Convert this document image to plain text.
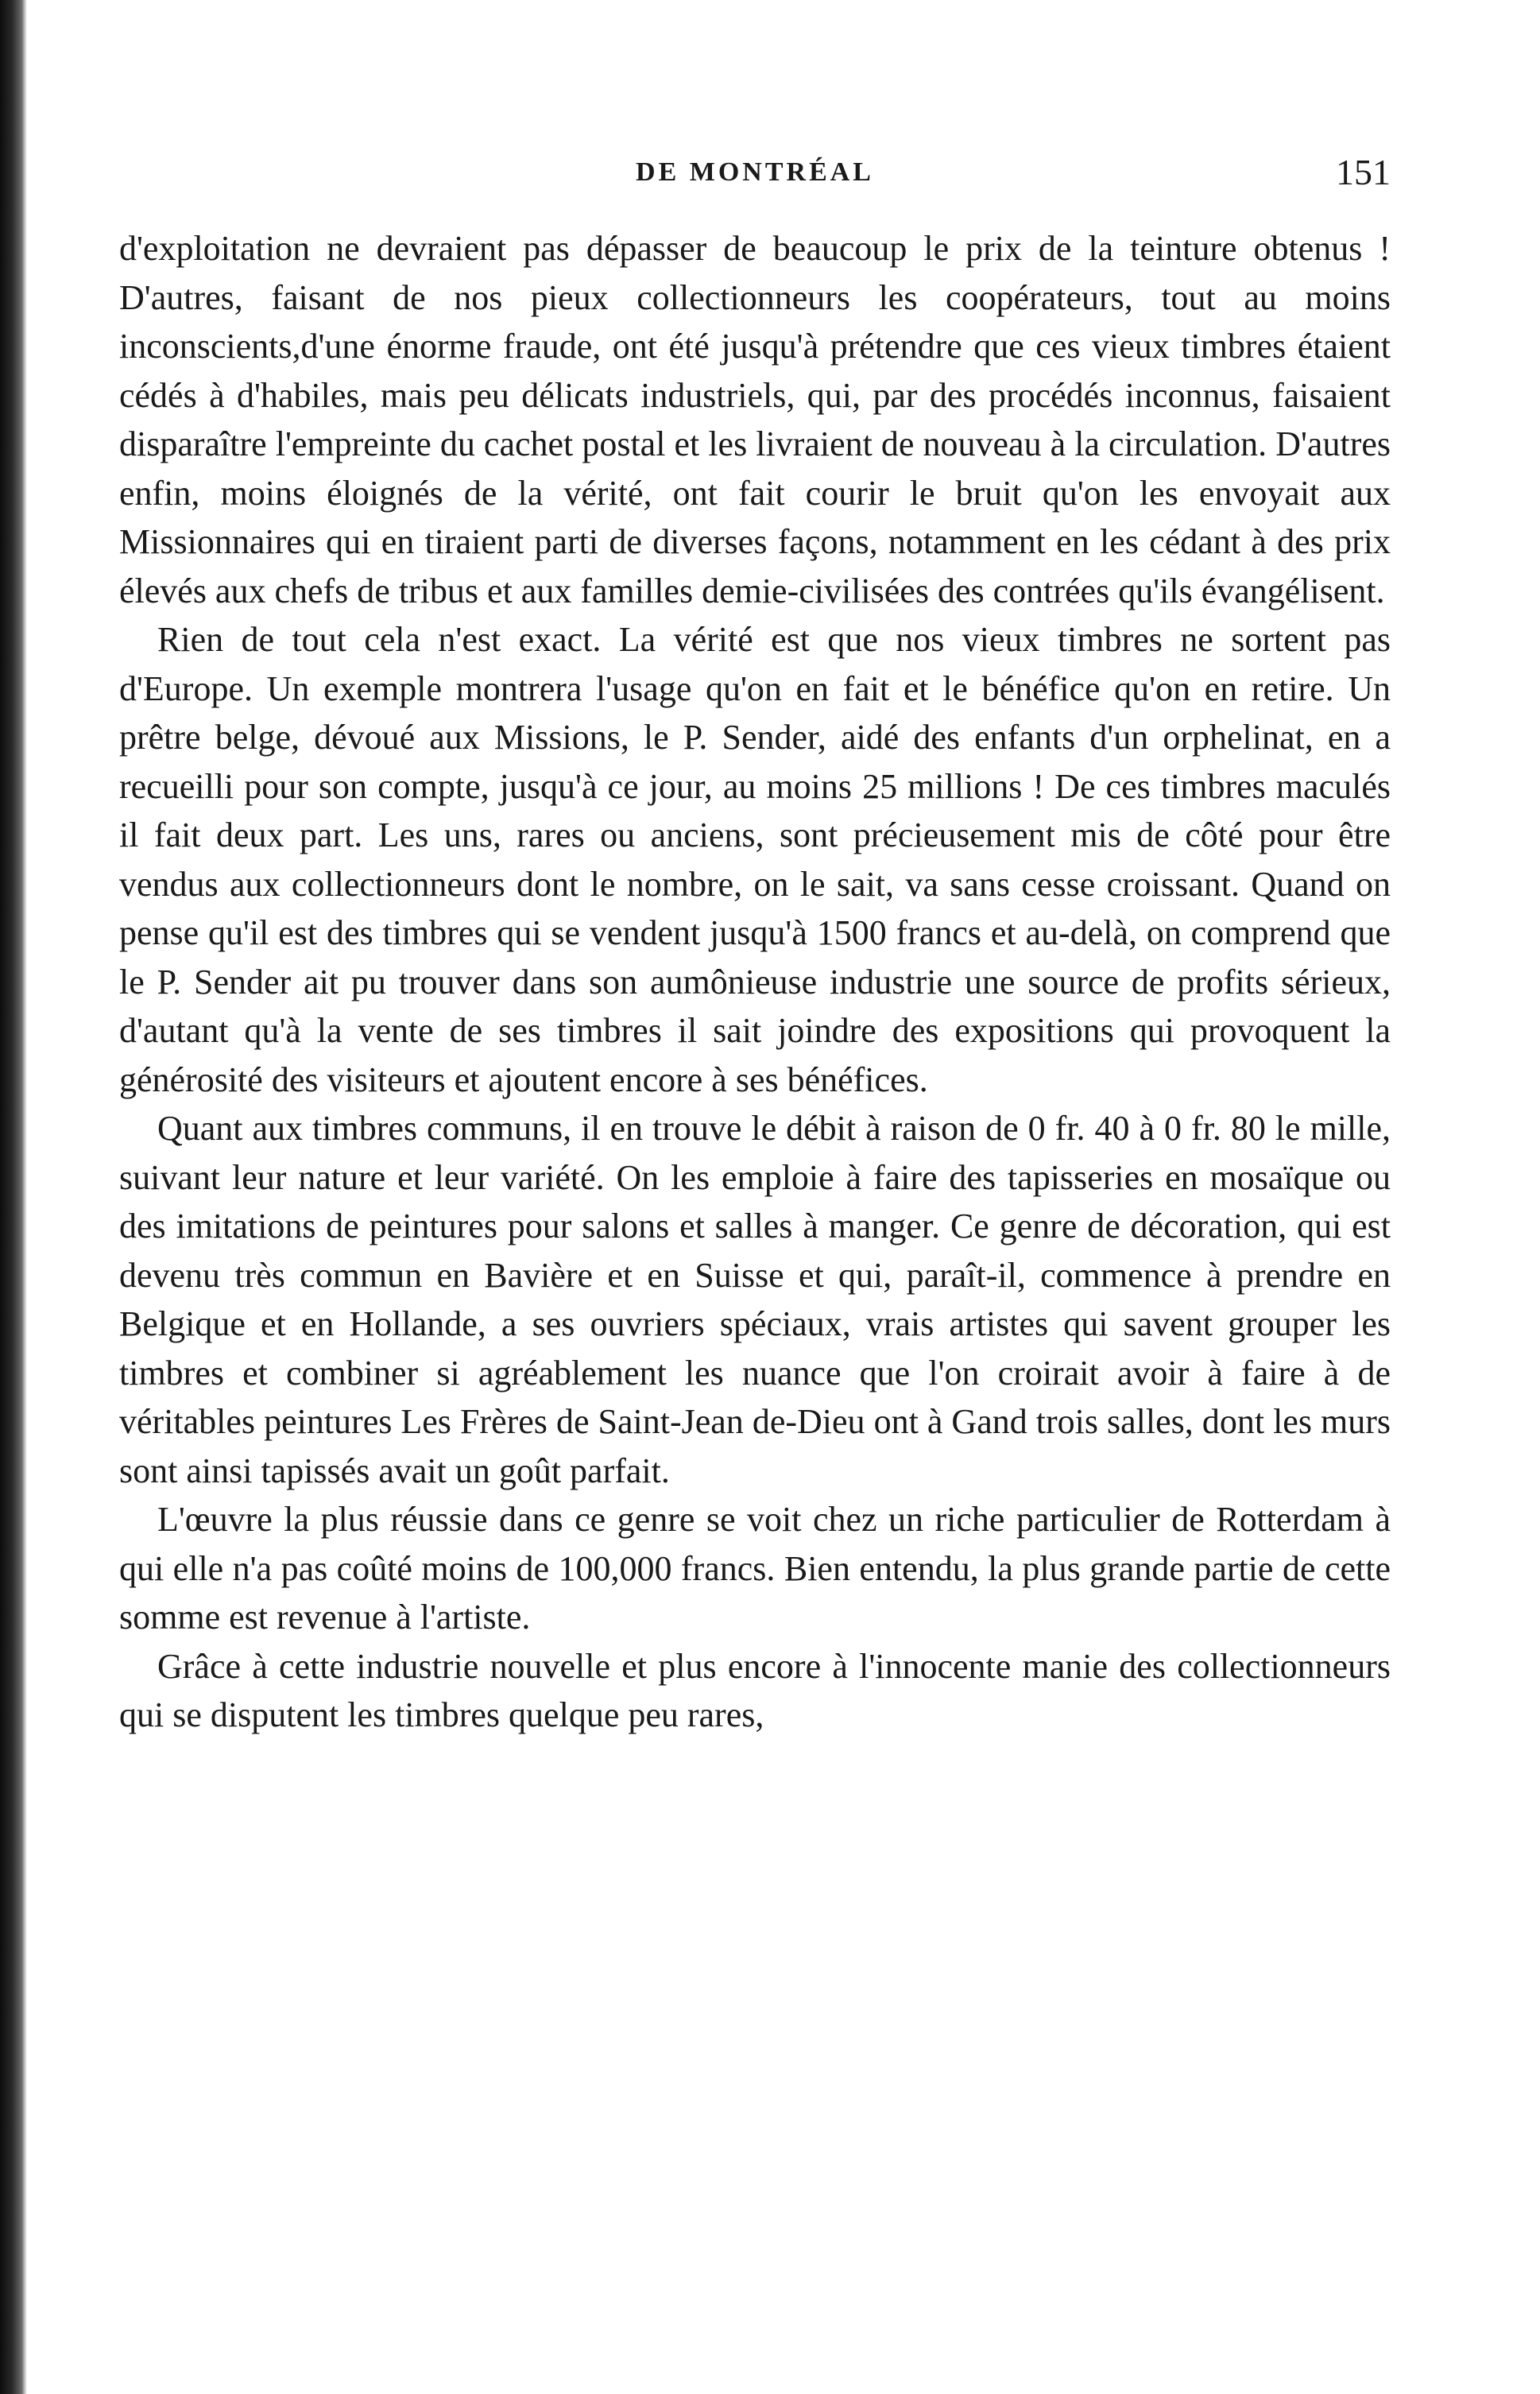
DE MONTRÉAL	151

d'exploitation ne devraient pas dépasser de beaucoup le prix de la teinture obtenus ! D'autres, faisant de nos pieux collectionneurs les coopérateurs, tout au moins inconscients,d'une énorme fraude, ont été jusqu'à prétendre que ces vieux timbres étaient cédés à d'habiles, mais peu délicats industriels, qui, par des procédés inconnus, faisaient disparaître l'empreinte du cachet postal et les livraient de nouveau à la circulation. D'autres enfin, moins éloignés de la vérité, ont fait courir le bruit qu'on les envoyait aux Missionnaires qui en tiraient parti de diverses façons, notamment en les cédant à des prix élevés aux chefs de tribus et aux familles demie-civilisées des contrées qu'ils évangélisent.

Rien de tout cela n'est exact. La vérité est que nos vieux timbres ne sortent pas d'Europe. Un exemple montrera l'usage qu'on en fait et le bénéfice qu'on en retire. Un prêtre belge, dévoué aux Missions, le P. Sender, aidé des enfants d'un orphelinat, en a recueilli pour son compte, jusqu'à ce jour, au moins 25 millions ! De ces timbres maculés il fait deux part. Les uns, rares ou anciens, sont précieusement mis de côté pour être vendus aux collectionneurs dont le nombre, on le sait, va sans cesse croissant. Quand on pense qu'il est des timbres qui se vendent jusqu'à 1500 francs et au-delà, on comprend que le P. Sender ait pu trouver dans son aumônieuse industrie une source de profits sérieux, d'autant qu'à la vente de ses timbres il sait joindre des expositions qui provoquent la générosité des visiteurs et ajoutent encore à ses bénéfices.

Quant aux timbres communs, il en trouve le débit à raison de 0 fr. 40 à 0 fr. 80 le mille, suivant leur nature et leur variété. On les emploie à faire des tapisseries en mosaïque ou des imitations de peintures pour salons et salles à manger. Ce genre de décoration, qui est devenu très commun en Bavière et en Suisse et qui, paraît-il, commence à prendre en Belgique et en Hollande, a ses ouvriers spéciaux, vrais artistes qui savent grouper les timbres et combiner si agréablement les nuance que l'on croirait avoir à faire à de véritables peintures Les Frères de Saint-Jean de-Dieu ont à Gand trois salles, dont les murs sont ainsi tapissés avait un goût parfait.

L'œuvre la plus réussie dans ce genre se voit chez un riche particulier de Rotterdam à qui elle n'a pas coûté moins de 100,000 francs. Bien entendu, la plus grande partie de cette somme est revenue à l'artiste.

Grâce à cette industrie nouvelle et plus encore à l'innocente manie des collectionneurs qui se disputent les timbres quelque peu rares,
